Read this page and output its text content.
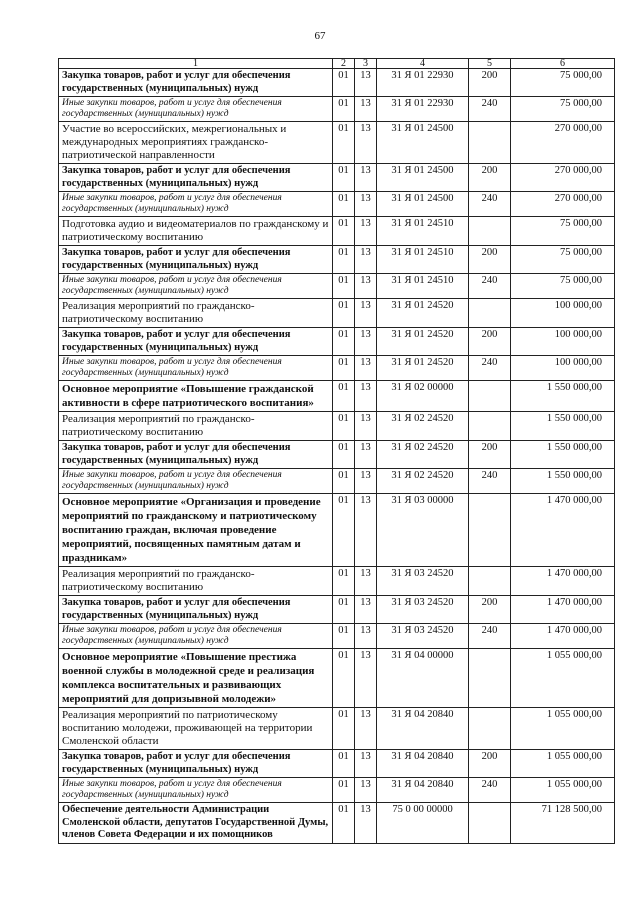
67
1	2	3	4	5	6
Закупка товаров, работ и услуг для обеспечения государственных (муниципальных) нужд	01	13	31 Я 01 22930	200	75 000,00
Иные закупки товаров, работ и услуг для обеспечения государственных (муниципальных) нужд	01	13	31 Я 01 22930	240	75 000,00
Участие во всероссийских, межрегиональных и международных мероприятиях гражданско-патриотической направленности	01	13	31 Я 01 24500		270 000,00
Закупка товаров, работ и услуг для обеспечения государственных (муниципальных) нужд	01	13	31 Я 01 24500	200	270 000,00
Иные закупки товаров, работ и услуг для обеспечения государственных (муниципальных) нужд	01	13	31 Я 01 24500	240	270 000,00
Подготовка аудио и видеоматериалов по гражданскому и патриотическому воспитанию	01	13	31 Я 01 24510		75 000,00
Закупка товаров, работ и услуг для обеспечения государственных (муниципальных) нужд	01	13	31 Я 01 24510	200	75 000,00
Иные закупки товаров, работ и услуг для обеспечения государственных (муниципальных) нужд	01	13	31 Я 01 24510	240	75 000,00
Реализация мероприятий по гражданско-патриотическому воспитанию	01	13	31 Я 01 24520		100 000,00
Закупка товаров, работ и услуг для обеспечения государственных (муниципальных) нужд	01	13	31 Я 01 24520	200	100 000,00
Иные закупки товаров, работ и услуг для обеспечения государственных (муниципальных) нужд	01	13	31 Я 01 24520	240	100 000,00
Основное мероприятие «Повышение гражданской активности в сфере патриотического воспитания»	01	13	31 Я 02 00000		1 550 000,00
Реализация мероприятий по гражданско-патриотическому воспитанию	01	13	31 Я 02 24520		1 550 000,00
Закупка товаров, работ и услуг для обеспечения государственных (муниципальных) нужд	01	13	31 Я 02 24520	200	1 550 000,00
Иные закупки товаров, работ и услуг для обеспечения государственных (муниципальных) нужд	01	13	31 Я 02 24520	240	1 550 000,00
Основное мероприятие «Организация и проведение мероприятий по гражданскому и патриотическому воспитанию граждан, включая проведение мероприятий, посвященных памятным датам и праздникам»	01	13	31 Я 03 00000		1 470 000,00
Реализация мероприятий по гражданско-патриотическому воспитанию	01	13	31 Я 03 24520		1 470 000,00
Закупка товаров, работ и услуг для обеспечения государственных (муниципальных) нужд	01	13	31 Я 03 24520	200	1 470 000,00
Иные закупки товаров, работ и услуг для обеспечения государственных (муниципальных) нужд	01	13	31 Я 03 24520	240	1 470 000,00
Основное мероприятие «Повышение престижа военной службы в молодежной среде и реализация комплекса воспитательных и развивающих мероприятий для допризывной молодежи»	01	13	31 Я 04 00000		1 055 000,00
Реализация мероприятий по патриотическому воспитанию молодежи, проживающей на территории Смоленской области	01	13	31 Я 04 20840		1 055 000,00
Закупка товаров, работ и услуг для обеспечения государственных (муниципальных) нужд	01	13	31 Я 04 20840	200	1 055 000,00
Иные закупки товаров, работ и услуг для обеспечения государственных (муниципальных) нужд	01	13	31 Я 04 20840	240	1 055 000,00
Обеспечение деятельности Администрации Смоленской области, депутатов Государственной Думы, членов Совета Федерации и их помощников	01	13	75 0 00 00000		71 128 500,00
